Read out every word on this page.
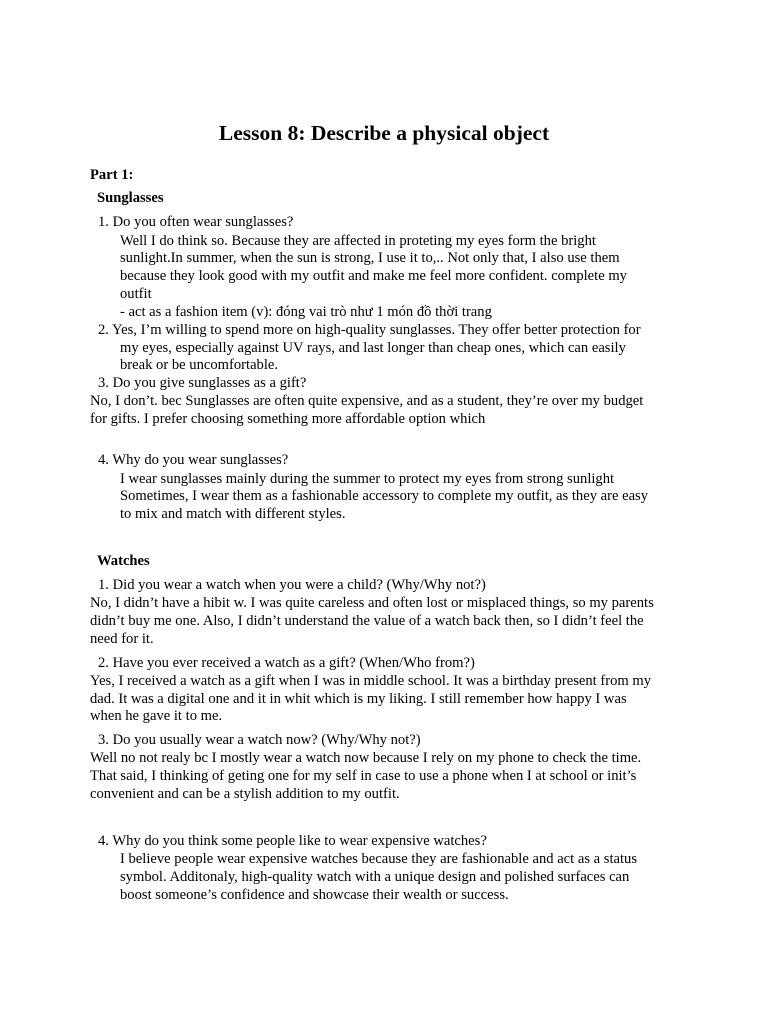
Lesson 8: Describe a physical object
Part 1:
Sunglasses
1. Do you often wear sunglasses?
Well I do think so. Because they are affected in proteting my eyes form the bright
sunlight.In summer, when the sun is strong, I use it to,.. Not only that, I also use them
because they look good with my outfit and make me feel more confident. complete my
outfit
- act as a fashion item (v): đóng vai trò như 1 món đồ thời trang
2. Yes, I’m willing to spend more on high-quality sunglasses. They offer better protection for
my eyes, especially against UV rays, and last longer than cheap ones, which can easily
break or be uncomfortable.
3. Do you give sunglasses as a gift?
No, I don’t. bec Sunglasses are often quite expensive, and as a student, they’re over my budget
for gifts. I prefer choosing something more affordable option which
4. Why do you wear sunglasses?
I wear sunglasses mainly during the summer to protect my eyes from strong sunlight
Sometimes, I wear them as a fashionable accessory to complete my outfit, as they are easy
to mix and match with different styles.
Watches
1. Did you wear a watch when you were a child? (Why/Why not?)
No, I didn’t have a hibit w. I was quite careless and often lost or misplaced things, so my parents
didn’t buy me one. Also, I didn’t understand the value of a watch back then, so I didn’t feel the
need for it.
2. Have you ever received a watch as a gift? (When/Who from?)
Yes, I received a watch as a gift when I was in middle school. It was a birthday present from my
dad. It was a digital one and it in whit which is my liking. I still remember how happy I was
when he gave it to me.
3. Do you usually wear a watch now? (Why/Why not?)
Well no not realy bc I mostly wear a watch now because I rely on my phone to check the time.
That said, I thinking of geting one for my self in case to use a phone when I at school or init’s
convenient and can be a stylish addition to my outfit.
4. Why do you think some people like to wear expensive watches?
I believe people wear expensive watches because they are fashionable and act as a status
symbol. Additonaly, high-quality watch with a unique design and polished surfaces can
boost someone’s confidence and showcase their wealth or success.
